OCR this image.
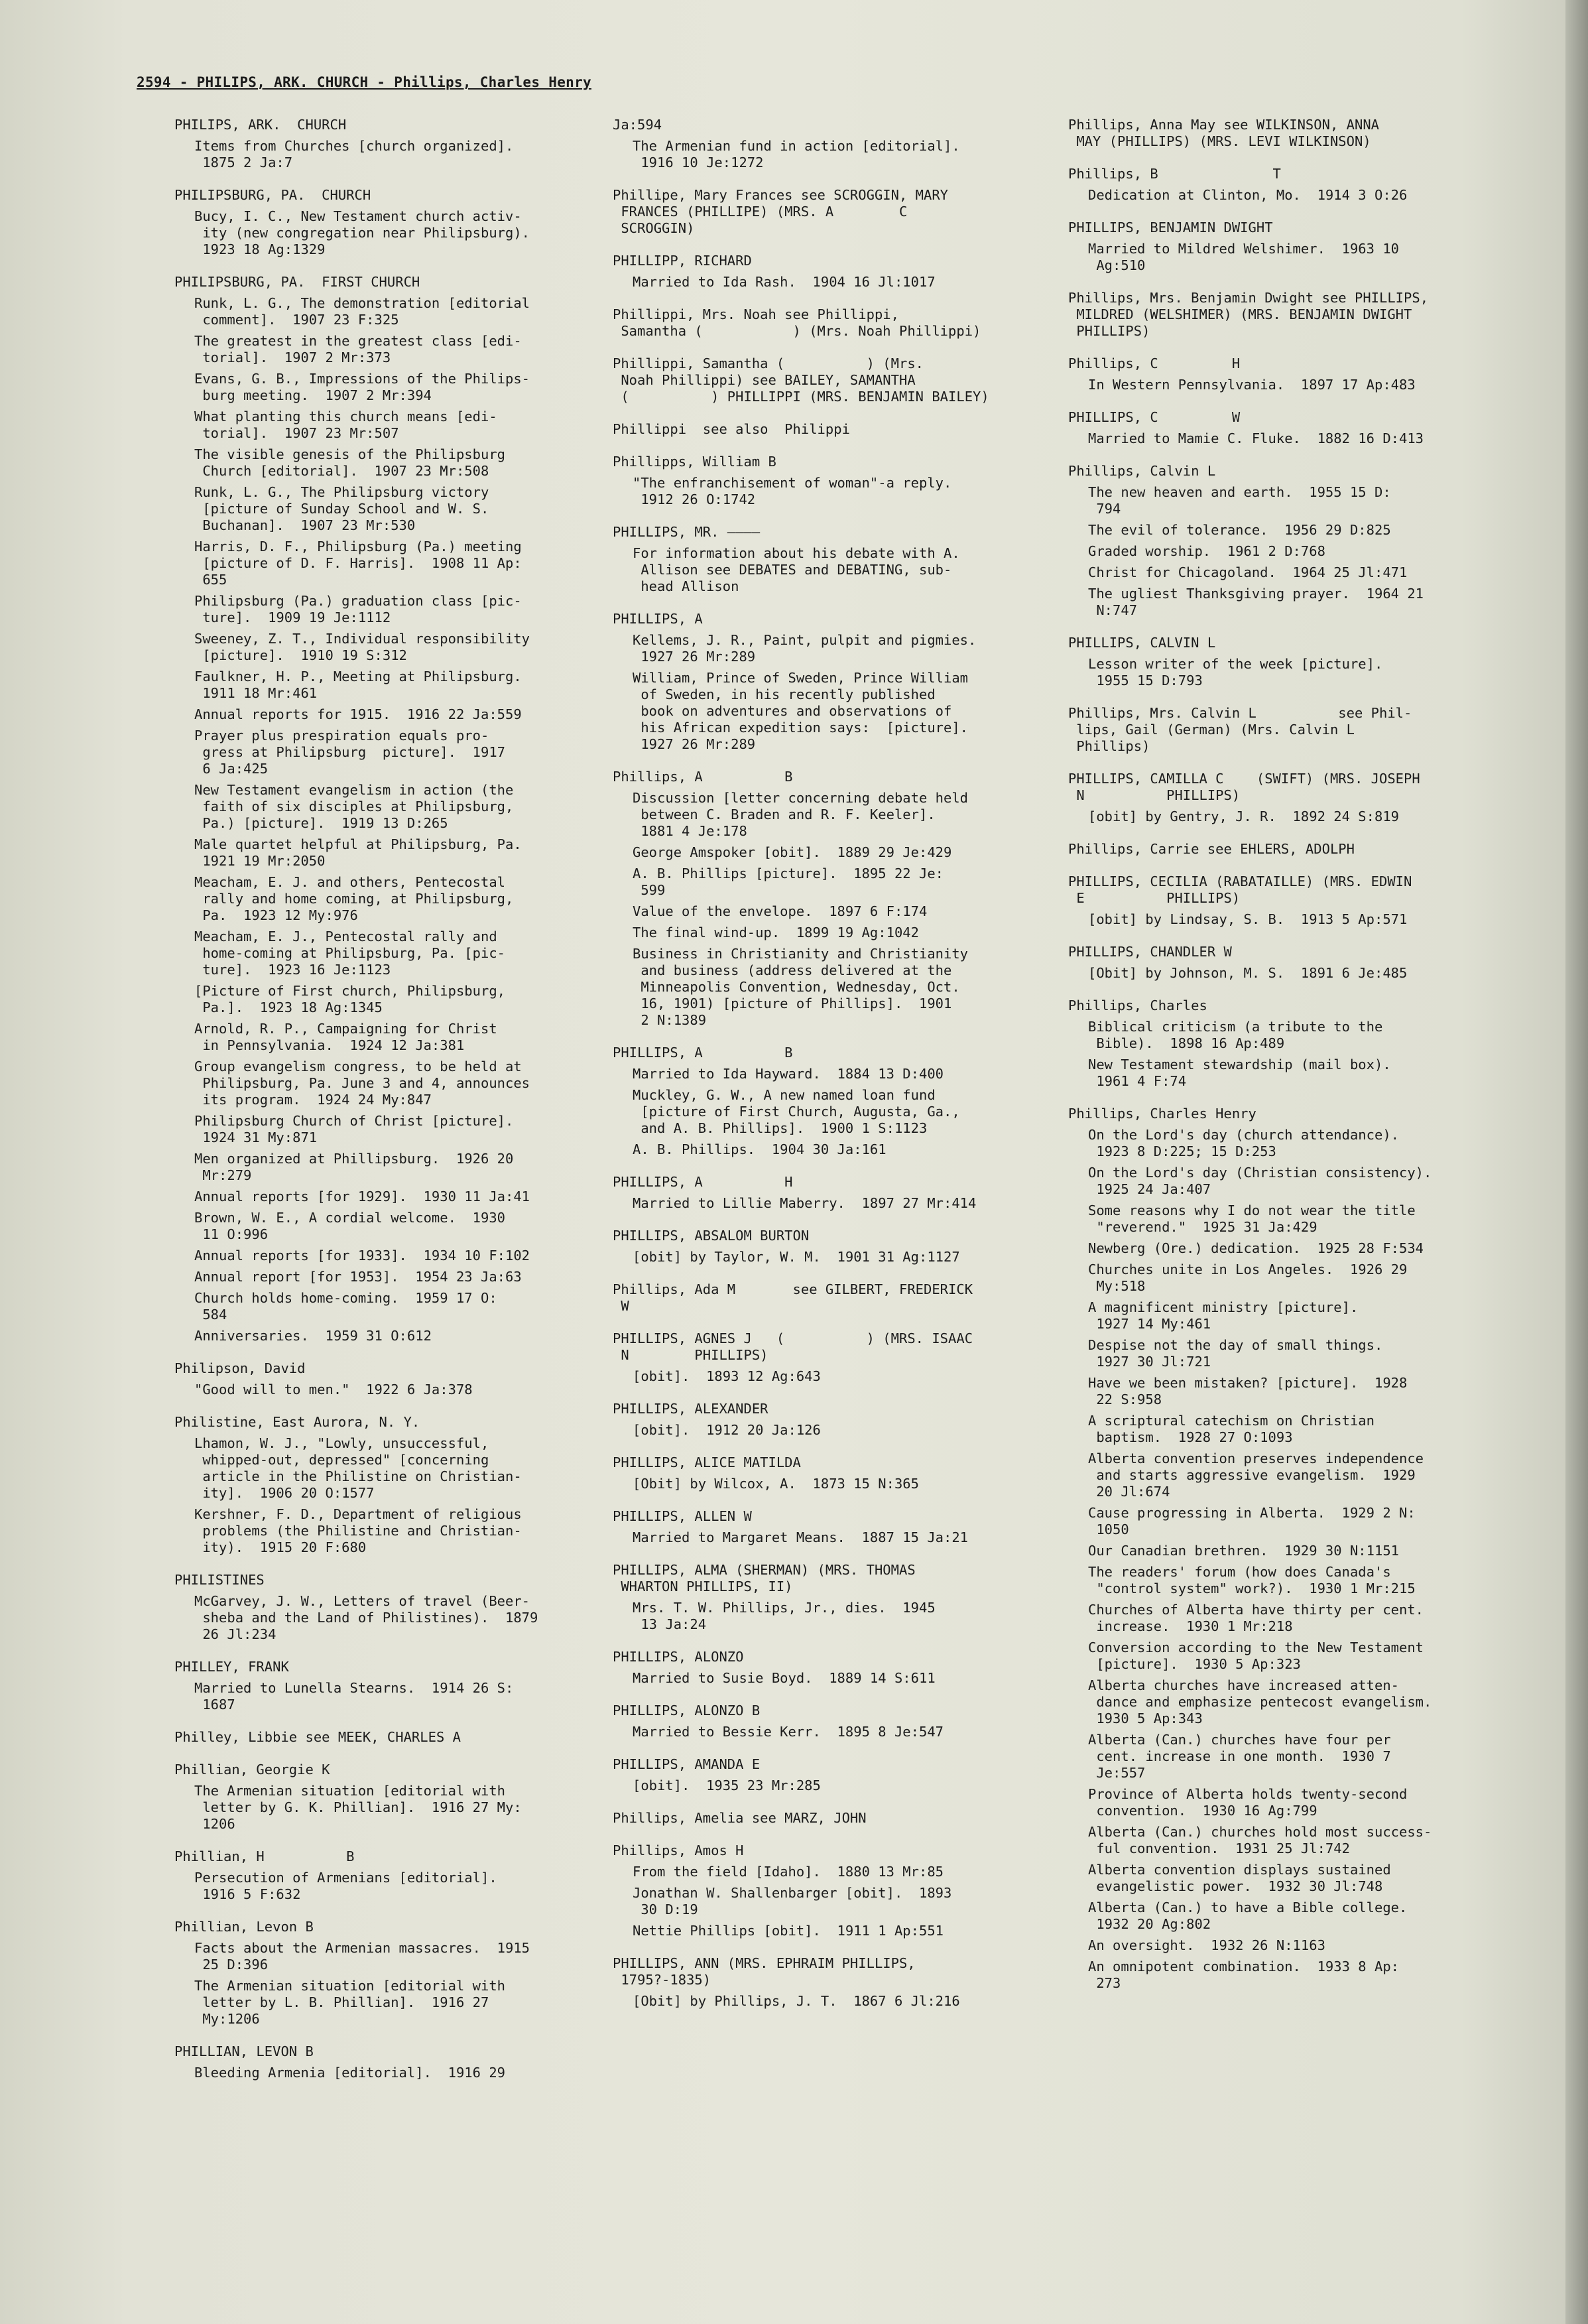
2594 - PHILIPS, ARK. CHURCH - Phillips, Charles Henry
PHILIPS, ARK.  CHURCH
Items from Churches [church organized].
1875 2 Ja:7
PHILIPSBURG, PA.  CHURCH
Bucy, I. C., New Testament church activ-
ity (new congregation near Philipsburg).
1923 18 Ag:1329
PHILIPSBURG, PA.  FIRST CHURCH
Runk, L. G., The demonstration [editorial
comment].  1907 23 F:325
The greatest in the greatest class [edi-
torial].  1907 2 Mr:373
Evans, G. B., Impressions of the Philips-
burg meeting.  1907 2 Mr:394
What planting this church means [edi-
torial].  1907 23 Mr:507
The visible genesis of the Philipsburg
Church [editorial].  1907 23 Mr:508
Runk, L. G., The Philipsburg victory
[picture of Sunday School and W. S.
Buchanan].  1907 23 Mr:530
Harris, D. F., Philipsburg (Pa.) meeting
[picture of D. F. Harris].  1908 11 Ap:
655
Philipsburg (Pa.) graduation class [pic-
ture].  1909 19 Je:1112
Sweeney, Z. T., Individual responsibility
[picture].  1910 19 S:312
Faulkner, H. P., Meeting at Philipsburg.
1911 18 Mr:461
Annual reports for 1915.  1916 22 Ja:559
Prayer plus prespiration equals pro-
gress at Philipsburg  picture].  1917
6 Ja:425
New Testament evangelism in action (the
faith of six disciples at Philipsburg,
Pa.) [picture].  1919 13 D:265
Male quartet helpful at Philipsburg, Pa.
1921 19 Mr:2050
Meacham, E. J. and others, Pentecostal
rally and home coming, at Philipsburg,
Pa.  1923 12 My:976
Meacham, E. J., Pentecostal rally and
home-coming at Philipsburg, Pa. [pic-
ture].  1923 16 Je:1123
[Picture of First church, Philipsburg,
Pa.].  1923 18 Ag:1345
Arnold, R. P., Campaigning for Christ
in Pennsylvania.  1924 12 Ja:381
Group evangelism congress, to be held at
Philipsburg, Pa. June 3 and 4, announces
its program.  1924 24 My:847
Philipsburg Church of Christ [picture].
1924 31 My:871
Men organized at Phillipsburg.  1926 20
Mr:279
Annual reports [for 1929].  1930 11 Ja:41
Brown, W. E., A cordial welcome.  1930
11 O:996
Annual reports [for 1933].  1934 10 F:102
Annual report [for 1953].  1954 23 Ja:63
Church holds home-coming.  1959 17 O:
584
Anniversaries.  1959 31 O:612
Philipson, David
"Good will to men."  1922 6 Ja:378
Philistine, East Aurora, N. Y.
Lhamon, W. J., "Lowly, unsuccessful,
whipped-out, depressed" [concerning
article in the Philistine on Christian-
ity].  1906 20 O:1577
Kershner, F. D., Department of religious
problems (the Philistine and Christian-
ity).  1915 20 F:680
PHILISTINES
McGarvey, J. W., Letters of travel (Beer-
sheba and the Land of Philistines).  1879
26 Jl:234
PHILLEY, FRANK
Married to Lunella Stearns.  1914 26 S:
1687
Philley, Libbie see MEEK, CHARLES A
Phillian, Georgie K
The Armenian situation [editorial with
letter by G. K. Phillian].  1916 27 My:
1206
Phillian, H          B
Persecution of Armenians [editorial].
1916 5 F:632
Phillian, Levon B
Facts about the Armenian massacres.  1915
25 D:396
The Armenian situation [editorial with
letter by L. B. Phillian].  1916 27
My:1206
PHILLIAN, LEVON B
Bleeding Armenia [editorial].  1916 29
Ja:594
The Armenian fund in action [editorial].
1916 10 Je:1272
Phillipe, Mary Frances see SCROGGIN, MARY
FRANCES (PHILLIPE) (MRS. A        C
SCROGGIN)
PHILLIPP, RICHARD
Married to Ida Rash.  1904 16 Jl:1017
Phillippi, Mrs. Noah see Phillippi,
Samantha (           ) (Mrs. Noah Phillippi)
Phillippi, Samantha (          ) (Mrs.
Noah Phillippi) see BAILEY, SAMANTHA
(          ) PHILLIPPI (MRS. BENJAMIN BAILEY)
Phillippi  see also  Philippi
Phillipps, William B
"The enfranchisement of woman"-a reply.
1912 26 O:1742
PHILLIPS, MR. ————
For information about his debate with A.
Allison see DEBATES and DEBATING, sub-
head Allison
PHILLIPS, A
Kellems, J. R., Paint, pulpit and pigmies.
1927 26 Mr:289
William, Prince of Sweden, Prince William
of Sweden, in his recently published
book on adventures and observations of
his African expedition says:  [picture].
1927 26 Mr:289
Phillips, A          B
Discussion [letter concerning debate held
between C. Braden and R. F. Keeler].
1881 4 Je:178
George Amspoker [obit].  1889 29 Je:429
A. B. Phillips [picture].  1895 22 Je:
599
Value of the envelope.  1897 6 F:174
The final wind-up.  1899 19 Ag:1042
Business in Christianity and Christianity
and business (address delivered at the
Minneapolis Convention, Wednesday, Oct.
16, 1901) [picture of Phillips].  1901
2 N:1389
PHILLIPS, A          B
Married to Ida Hayward.  1884 13 D:400
Muckley, G. W., A new named loan fund
[picture of First Church, Augusta, Ga.,
and A. B. Phillips].  1900 1 S:1123
A. B. Phillips.  1904 30 Ja:161
PHILLIPS, A          H
Married to Lillie Maberry.  1897 27 Mr:414
PHILLIPS, ABSALOM BURTON
[obit] by Taylor, W. M.  1901 31 Ag:1127
Phillips, Ada M       see GILBERT, FREDERICK
W
PHILLIPS, AGNES J   (          ) (MRS. ISAAC
N        PHILLIPS)
[obit].  1893 12 Ag:643
PHILLIPS, ALEXANDER
[obit].  1912 20 Ja:126
PHILLIPS, ALICE MATILDA
[Obit] by Wilcox, A.  1873 15 N:365
PHILLIPS, ALLEN W
Married to Margaret Means.  1887 15 Ja:21
PHILLIPS, ALMA (SHERMAN) (MRS. THOMAS
WHARTON PHILLIPS, II)
Mrs. T. W. Phillips, Jr., dies.  1945
13 Ja:24
PHILLIPS, ALONZO
Married to Susie Boyd.  1889 14 S:611
PHILLIPS, ALONZO B
Married to Bessie Kerr.  1895 8 Je:547
PHILLIPS, AMANDA E
[obit].  1935 23 Mr:285
Phillips, Amelia see MARZ, JOHN
Phillips, Amos H
From the field [Idaho].  1880 13 Mr:85
Jonathan W. Shallenbarger [obit].  1893
30 D:19
Nettie Phillips [obit].  1911 1 Ap:551
PHILLIPS, ANN (MRS. EPHRAIM PHILLIPS,
1795?-1835)
[Obit] by Phillips, J. T.  1867 6 Jl:216
Phillips, Anna May see WILKINSON, ANNA
MAY (PHILLIPS) (MRS. LEVI WILKINSON)
Phillips, B              T
Dedication at Clinton, Mo.  1914 3 O:26
PHILLIPS, BENJAMIN DWIGHT
Married to Mildred Welshimer.  1963 10
Ag:510
Phillips, Mrs. Benjamin Dwight see PHILLIPS,
MILDRED (WELSHIMER) (MRS. BENJAMIN DWIGHT
PHILLIPS)
Phillips, C         H
In Western Pennsylvania.  1897 17 Ap:483
PHILLIPS, C         W
Married to Mamie C. Fluke.  1882 16 D:413
Phillips, Calvin L
The new heaven and earth.  1955 15 D:
794
The evil of tolerance.  1956 29 D:825
Graded worship.  1961 2 D:768
Christ for Chicagoland.  1964 25 Jl:471
The ugliest Thanksgiving prayer.  1964 21
N:747
PHILLIPS, CALVIN L
Lesson writer of the week [picture].
1955 15 D:793
Phillips, Mrs. Calvin L          see Phil-
lips, Gail (German) (Mrs. Calvin L
Phillips)
PHILLIPS, CAMILLA C    (SWIFT) (MRS. JOSEPH
N          PHILLIPS)
[obit] by Gentry, J. R.  1892 24 S:819
Phillips, Carrie see EHLERS, ADOLPH
PHILLIPS, CECILIA (RABATAILLE) (MRS. EDWIN
E          PHILLIPS)
[obit] by Lindsay, S. B.  1913 5 Ap:571
PHILLIPS, CHANDLER W
[Obit] by Johnson, M. S.  1891 6 Je:485
Phillips, Charles
Biblical criticism (a tribute to the
Bible).  1898 16 Ap:489
New Testament stewardship (mail box).
1961 4 F:74
Phillips, Charles Henry
On the Lord's day (church attendance).
1923 8 D:225; 15 D:253
On the Lord's day (Christian consistency).
1925 24 Ja:407
Some reasons why I do not wear the title
"reverend."  1925 31 Ja:429
Newberg (Ore.) dedication.  1925 28 F:534
Churches unite in Los Angeles.  1926 29
My:518
A magnificent ministry [picture].
1927 14 My:461
Despise not the day of small things.
1927 30 Jl:721
Have we been mistaken? [picture].  1928
22 S:958
A scriptural catechism on Christian
baptism.  1928 27 O:1093
Alberta convention preserves independence
and starts aggressive evangelism.  1929
20 Jl:674
Cause progressing in Alberta.  1929 2 N:
1050
Our Canadian brethren.  1929 30 N:1151
The readers' forum (how does Canada's
"control system" work?).  1930 1 Mr:215
Churches of Alberta have thirty per cent.
increase.  1930 1 Mr:218
Conversion according to the New Testament
[picture].  1930 5 Ap:323
Alberta churches have increased atten-
dance and emphasize pentecost evangelism.
1930 5 Ap:343
Alberta (Can.) churches have four per
cent. increase in one month.  1930 7
Je:557
Province of Alberta holds twenty-second
convention.  1930 16 Ag:799
Alberta (Can.) churches hold most success-
ful convention.  1931 25 Jl:742
Alberta convention displays sustained
evangelistic power.  1932 30 Jl:748
Alberta (Can.) to have a Bible college.
1932 20 Ag:802
An oversight.  1932 26 N:1163
An omnipotent combination.  1933 8 Ap:
273
